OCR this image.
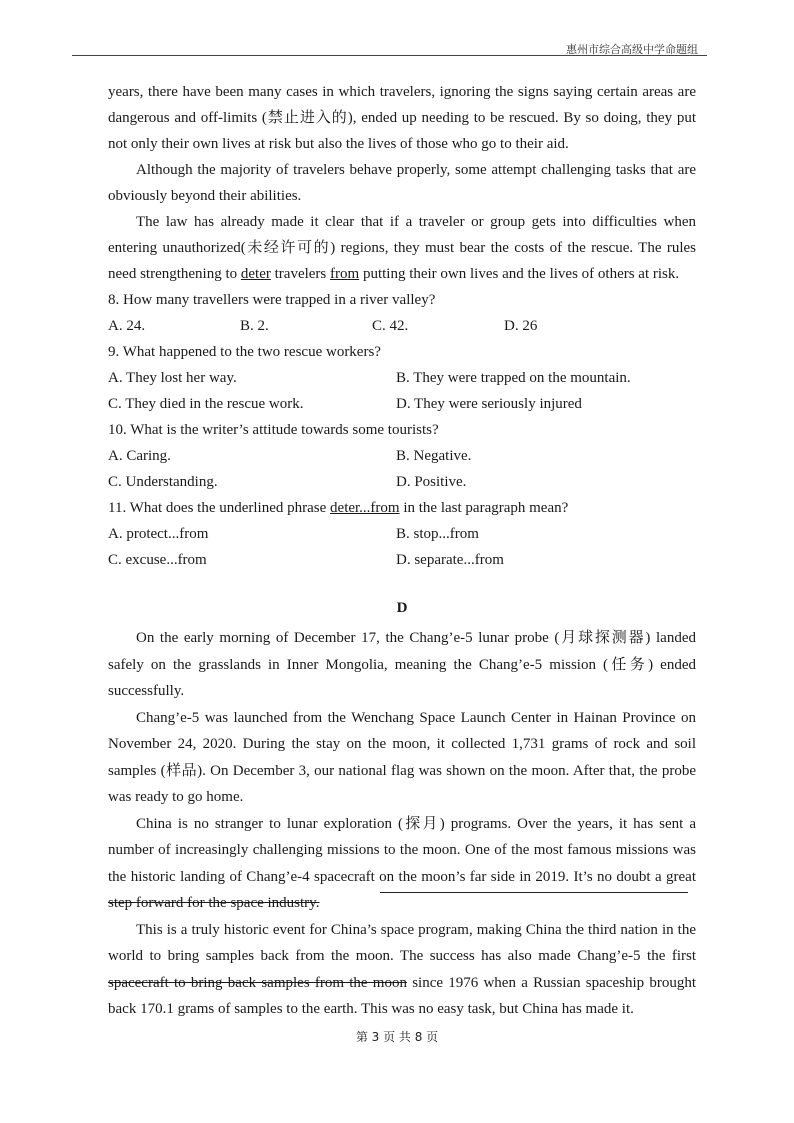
惠州市综合高级中学命题组

years, there have been many cases in which travelers, ignoring the signs saying certain areas are dangerous and off-limits (禁止进入的), ended up needing to be rescued. By so doing, they put not only their own lives at risk but also the lives of those who go to their aid.

Although the majority of travelers behave properly, some attempt challenging tasks that are obviously beyond their abilities.

The law has already made it clear that if a traveler or group gets into difficulties when entering unauthorized(未经许可的) regions, they must bear the costs of the rescue. The rules need strengthening to deter travelers from putting their own lives and the lives of others at risk.

8. How many travellers were trapped in a river valley?
A. 24.	B. 2.	C. 42.	D. 26
9. What happened to the two rescue workers?
A. They lost her way.	B. They were trapped on the mountain.
C. They died in the rescue work.	D. They were seriously injured
10. What is the writer’s attitude towards some tourists?
A. Caring.	B. Negative.
C. Understanding.	D. Positive.
11. What does the underlined phrase deter...from in the last paragraph mean?
A. protect...from	B. stop...from
C. excuse...from	D. separate...from
D

On the early morning of December 17, the Chang’e-5 lunar probe (月球探测器) landed safely on the grasslands in Inner Mongolia, meaning the Chang’e-5 mission (任务) ended successfully.

Chang’e-5 was launched from the Wenchang Space Launch Center in Hainan Province on November 24, 2020. During the stay on the moon, it collected 1,731 grams of rock and soil samples (样品). On December 3, our national flag was shown on the moon. After that, the probe was ready to go home.

China is no stranger to lunar exploration (探月) programs. Over the years, it has sent a number of increasingly challenging missions to the moon. One of the most famous missions was the historic landing of Chang’e-4 spacecraft on the moon’s far side in 2019. It’s no doubt a great step forward for the space industry.

This is a truly historic event for China’s space program, making China the third nation in the world to bring samples back from the moon. The success has also made Chang’e-5 the first spacecraft to bring back samples from the moon since 1976 when a Russian spaceship brought back 170.1 grams of samples to the earth. This was no easy task, but China has made it.

第 3 页 共 8 页
